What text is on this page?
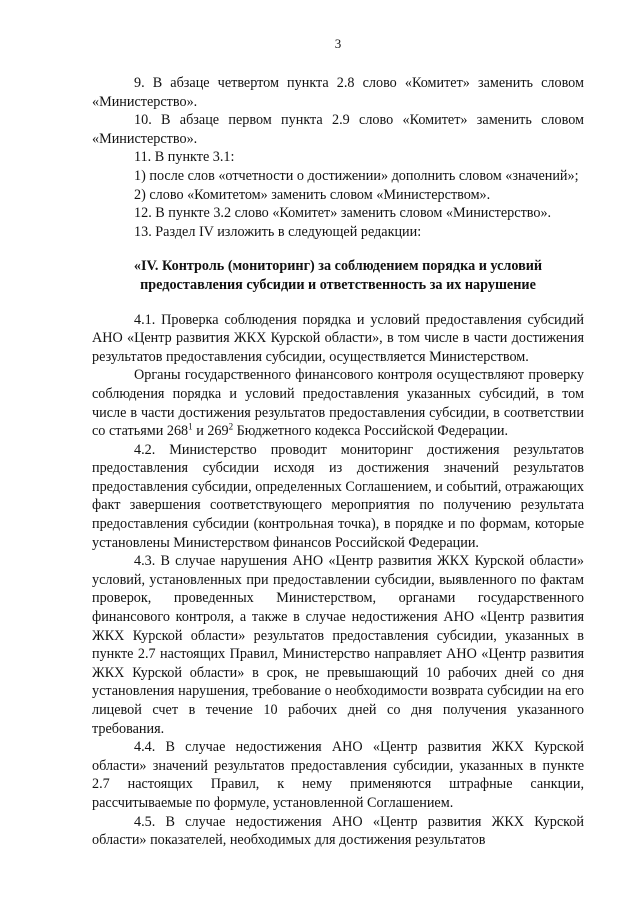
3

9. В абзаце четвертом пункта 2.8 слово «Комитет» заменить словом «Министерство».

10. В абзаце первом пункта 2.9 слово «Комитет» заменить словом «Министерство».

11. В пункте 3.1:

1) после слов «отчетности о достижении» дополнить словом «значений»;

2) слово «Комитетом» заменить словом «Министерством».

12. В пункте 3.2 слово «Комитет» заменить словом «Министерство».

13. Раздел IV изложить в следующей редакции:

«IV. Контроль (мониторинг) за соблюдением порядка и условий предоставления субсидии и ответственность за их нарушение

4.1. Проверка соблюдения порядка и условий предоставления субсидий АНО «Центр развития ЖКХ Курской области», в том числе в части достижения результатов предоставления субсидии, осуществляется Министерством.

Органы государственного финансового контроля осуществляют проверку соблюдения порядка и условий предоставления указанных субсидий, в том числе в части достижения результатов предоставления субсидии, в соответствии со статьями $268^1$ и $269^2$ Бюджетного кодекса Российской Федерации.

4.2. Министерство проводит мониторинг достижения результатов предоставления субсидии исходя из достижения значений результатов предоставления субсидии, определенных Соглашением, и событий, отражающих факт завершения соответствующего мероприятия по получению результата предоставления субсидии (контрольная точка), в порядке и по формам, которые установлены Министерством финансов Российской Федерации.

4.3. В случае нарушения АНО «Центр развития ЖКХ Курской области» условий, установленных при предоставлении субсидии, выявленного по фактам проверок, проведенных Министерством, органами государственного финансового контроля, а также в случае недостижения АНО «Центр развития ЖКХ Курской области» результатов предоставления субсидии, указанных в пункте 2.7 настоящих Правил, Министерство направляет АНО «Центр развития ЖКХ Курской области» в срок, не превышающий 10 рабочих дней со дня установления нарушения, требование о необходимости возврата субсидии на его лицевой счет в течение 10 рабочих дней со дня получения указанного требования.

4.4. В случае недостижения АНО «Центр развития ЖКХ Курской области» значений результатов предоставления субсидии, указанных в пункте 2.7 настоящих Правил, к нему применяются штрафные санкции, рассчитываемые по формуле, установленной Соглашением.

4.5. В случае недостижения АНО «Центр развития ЖКХ Курской области» показателей, необходимых для достижения результатов
